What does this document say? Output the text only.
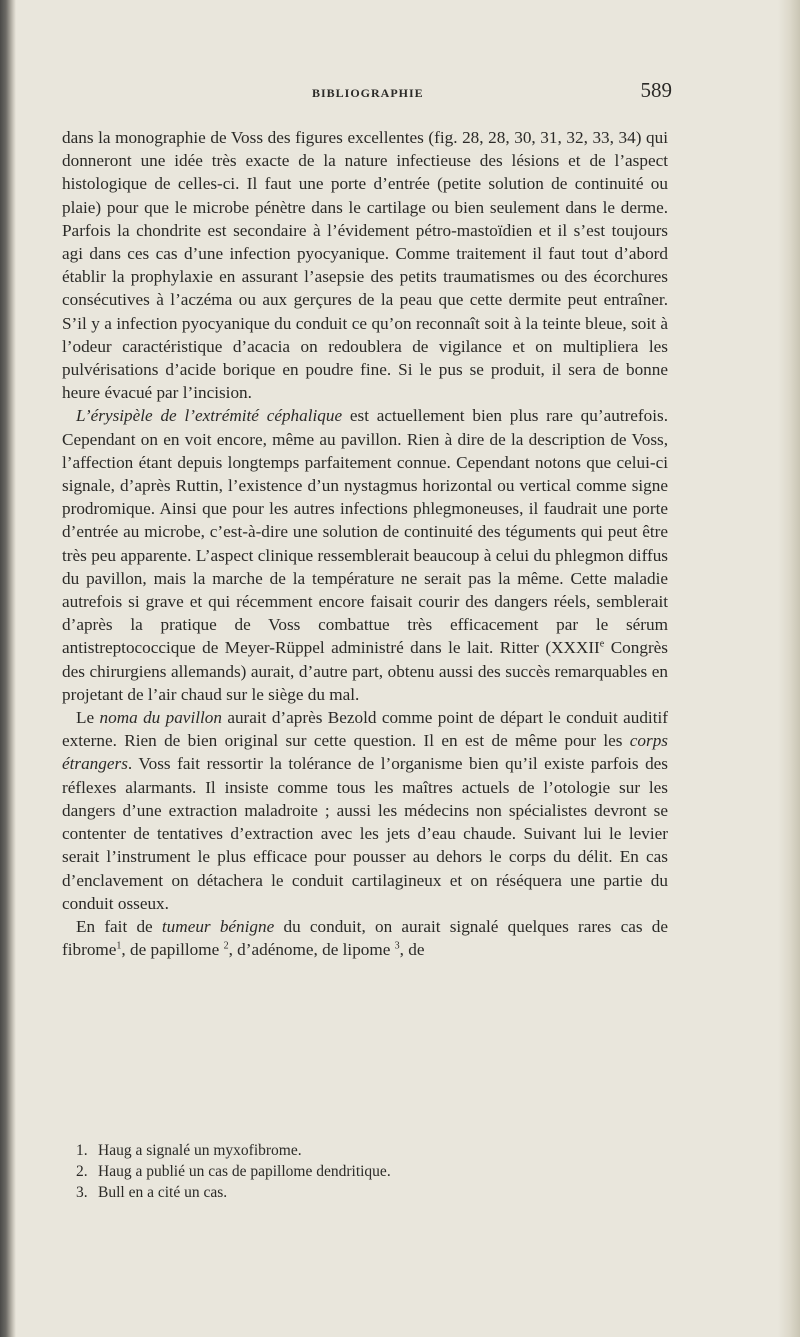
BIBLIOGRAPHIE	589

dans la monographie de Voss des figures excellentes (fig. 28, 28, 30, 31, 32, 33, 34) qui donneront une idée très exacte de la nature infectieuse des lésions et de l’aspect histologique de celles-ci. Il faut une porte d’entrée (petite solution de continuité ou plaie) pour que le microbe pénètre dans le cartilage ou bien seulement dans le derme. Parfois la chondrite est secondaire à l’évidement pétro-mastoïdien et il s’est toujours agi dans ces cas d’une infection pyocyanique. Comme traitement il faut tout d’abord établir la prophylaxie en assurant l’asepsie des petits traumatismes ou des écorchures consécutives à l’aczéma ou aux gerçures de la peau que cette dermite peut entraîner. S’il y a infection pyocyanique du conduit ce qu’on reconnaît soit à la teinte bleue, soit à l’odeur caractéristique d’acacia on redoublera de vigilance et on multipliera les pulvérisations d’acide borique en poudre fine. Si le pus se produit, il sera de bonne heure évacué par l’incision.

L’érysipèle de l’extrémité céphalique est actuellement bien plus rare qu’autrefois. Cependant on en voit encore, même au pavillon. Rien à dire de la description de Voss, l’affection étant depuis longtemps parfaitement connue. Cependant notons que celui-ci signale, d’après Ruttin, l’existence d’un nystagmus horizontal ou vertical comme signe prodromique. Ainsi que pour les autres infections phlegmoneuses, il faudrait une porte d’entrée au microbe, c’est-à-dire une solution de continuité des téguments qui peut être très peu apparente. L’aspect clinique ressemblerait beaucoup à celui du phlegmon diffus du pavillon, mais la marche de la température ne serait pas la même. Cette maladie autrefois si grave et qui récemment encore faisait courir des dangers réels, semblerait d’après la pratique de Voss combattue très efficacement par le sérum antistreptococcique de Meyer-Rüppel administré dans le lait. Ritter (XXXIIe Congrès des chirurgiens allemands) aurait, d’autre part, obtenu aussi des succès remarquables en projetant de l’air chaud sur le siège du mal.

Le noma du pavillon aurait d’après Bezold comme point de départ le conduit auditif externe. Rien de bien original sur cette question. Il en est de même pour les corps étrangers. Voss fait ressortir la tolérance de l’organisme bien qu’il existe parfois des réflexes alarmants. Il insiste comme tous les maîtres actuels de l’otologie sur les dangers d’une extraction maladroite ; aussi les médecins non spécialistes devront se contenter de tentatives d’extraction avec les jets d’eau chaude. Suivant lui le levier serait l’instrument le plus efficace pour pousser au dehors le corps du délit. En cas d’enclavement on détachera le conduit cartilagineux et on réséquera une partie du conduit osseux.

En fait de tumeur bénigne du conduit, on aurait signalé quelques rares cas de fibrome$^1$, de papillome $^2$, d’adénome, de lipome $^3$, de

1. Haug a signalé un myxofibrome.
2. Haug a publié un cas de papillome dendritique.
3. Bull en a cité un cas.
